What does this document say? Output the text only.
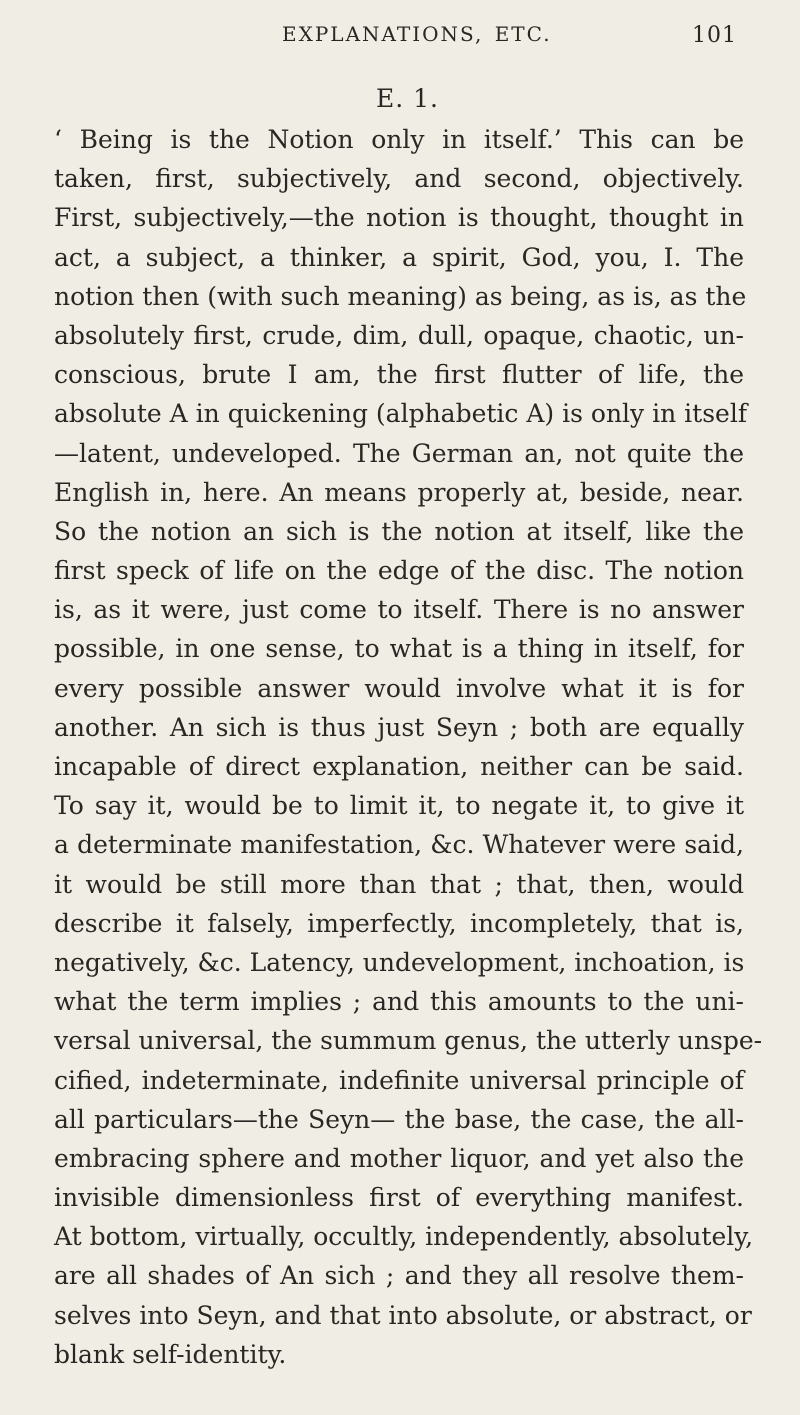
EXPLANATIONS, ETC.	101
E. 1.
‘ Being is the Notion only in itself.’ This can be
taken, first, subjectively, and second, objectively.
First, subjectively,—the notion is thought, thought in
act, a subject, a thinker, a spirit, God, you, I. The
notion then (with such meaning) as being, as is, as the
absolutely first, crude, dim, dull, opaque, chaotic, un-
conscious, brute I am, the first flutter of life, the
absolute A in quickening (alphabetic A) is only in itself
—latent, undeveloped. The German an, not quite the
English in, here. An means properly at, beside, near.
So the notion an sich is the notion at itself, like the
first speck of life on the edge of the disc. The notion
is, as it were, just come to itself. There is no answer
possible, in one sense, to what is a thing in itself, for
every possible answer would involve what it is for
another. An sich is thus just Seyn ; both are equally
incapable of direct explanation, neither can be said.
To say it, would be to limit it, to negate it, to give it
a determinate manifestation, &c. Whatever were said,
it would be still more than that ; that, then, would
describe it falsely, imperfectly, incompletely, that is,
negatively, &c. Latency, undevelopment, inchoation, is
what the term implies ; and this amounts to the uni-
versal universal, the summum genus, the utterly unspe-
cified, indeterminate, indefinite universal principle of
all particulars—the Seyn— the base, the case, the all-
embracing sphere and mother liquor, and yet also the
invisible dimensionless first of everything manifest.
At bottom, virtually, occultly, independently, absolutely,
are all shades of An sich ; and they all resolve them-
selves into Seyn, and that into absolute, or abstract, or
blank self-identity.
